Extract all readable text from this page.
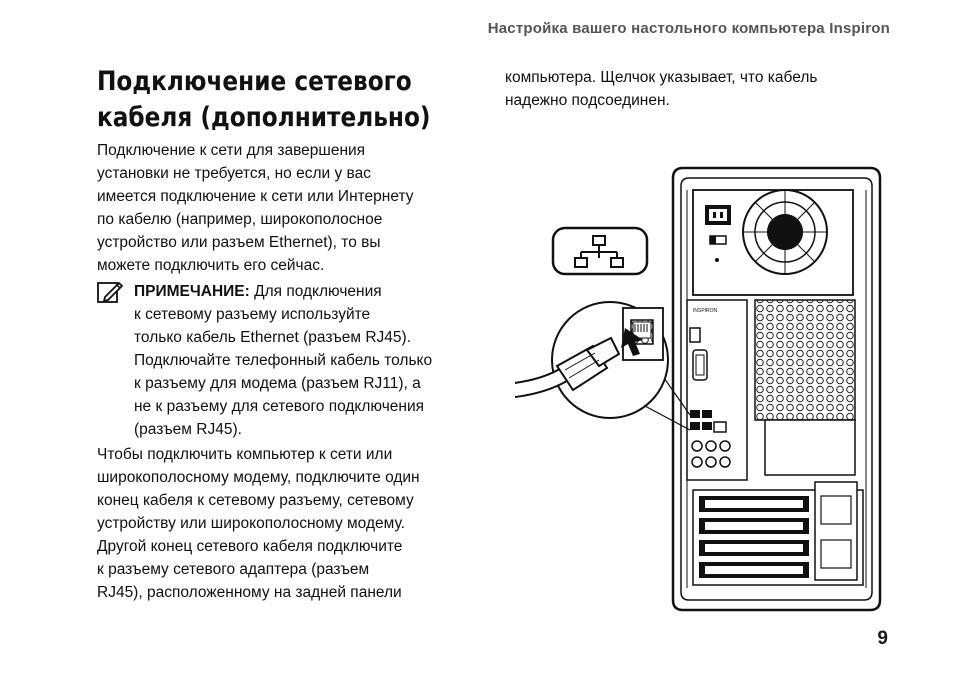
Настройка вашего настольного компьютера Inspiron
Подключение сетевого
кабеля (дополнительно)
Подключение к сети для завершения
установки не требуется, но если у вас
имеется подключение к сети или Интернету
по кабелю (например, широкополосное
устройство или разъем Ethernet), то вы
можете подключить его сейчас.
ПРИМЕЧАНИЕ: Для подключения
к сетевому разъему используйте
только кабель Ethernet (разъем RJ45).
Подключайте телефонный кабель только
к разъему для модема (разъем RJ11), а
не к разъему для сетевого подключения
(разъем RJ45).
Чтобы подключить компьютер к сети или
широкополосному модему, подключите один
конец кабеля к сетевому разъему, сетевому
устройству или широкополосному модему.
Другой конец сетевого кабеля подключите
к разъему сетевого адаптера (разъем
RJ45), расположенному на задней панели
компьютера. Щелчок указывает, что кабель
надежно подсоединен.
INSPIRON
9
